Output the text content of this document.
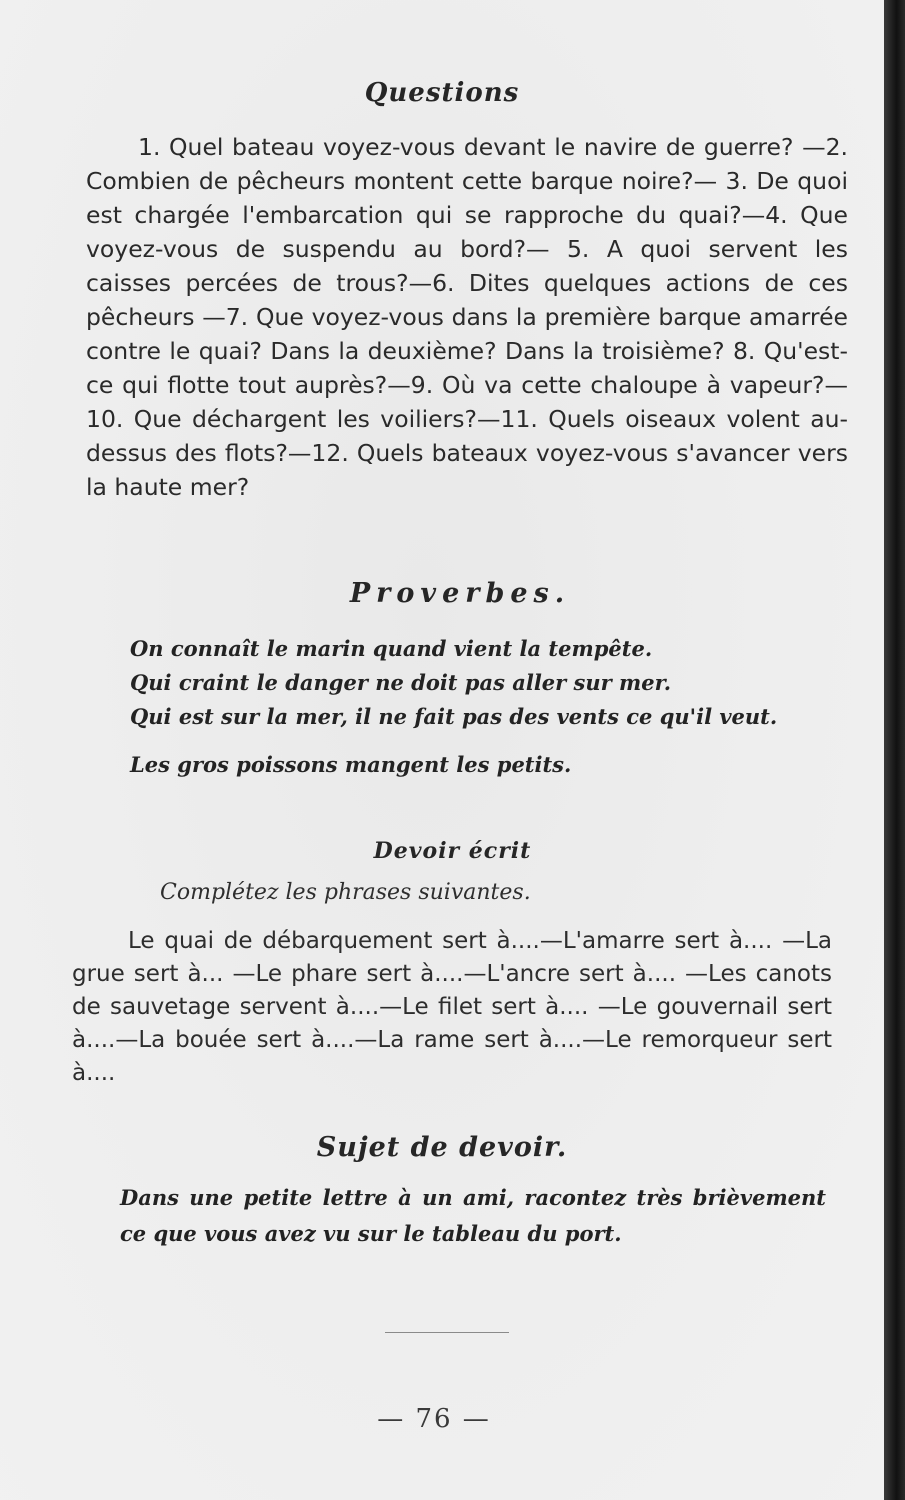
Questions

1. Quel bateau voyez-vous devant le navire de guerre? —2. Combien de pêcheurs montent cette barque noire?— 3. De quoi est chargée l'embarcation qui se rapproche du quai?—4. Que voyez-vous de suspendu au bord?— 5. A quoi servent les caisses percées de trous?—6. Dites quelques actions de ces pêcheurs —7. Que voyez-vous dans la première barque amarrée contre le quai? Dans la deuxième? Dans la troisième? 8. Qu'est-ce qui flotte tout auprès?—9. Où va cette chaloupe à vapeur?—10. Que déchargent les voiliers?—11. Quels oiseaux volent au-dessus des flots?—12. Quels bateaux voyez-vous s'avancer vers la haute mer?

Proverbes.
On connaît le marin quand vient la tempête.
Qui craint le danger ne doit pas aller sur mer.
Qui est sur la mer, il ne fait pas des vents ce qu'il veut.
Les gros poissons mangent les petits.
Devoir écrit

Complétez les phrases suivantes.

Le quai de débarquement sert à....—L'amarre sert à.... —La grue sert à... —Le phare sert à....—L'ancre sert à.... —Les canots de sauvetage servent à....—Le filet sert à.... —Le gouvernail sert à....—La bouée sert à....—La rame sert à....—Le remorqueur sert à....

Sujet de devoir.

Dans une petite lettre à un ami, racontez très brièvement ce que vous avez vu sur le tableau du port.

— 76 —
